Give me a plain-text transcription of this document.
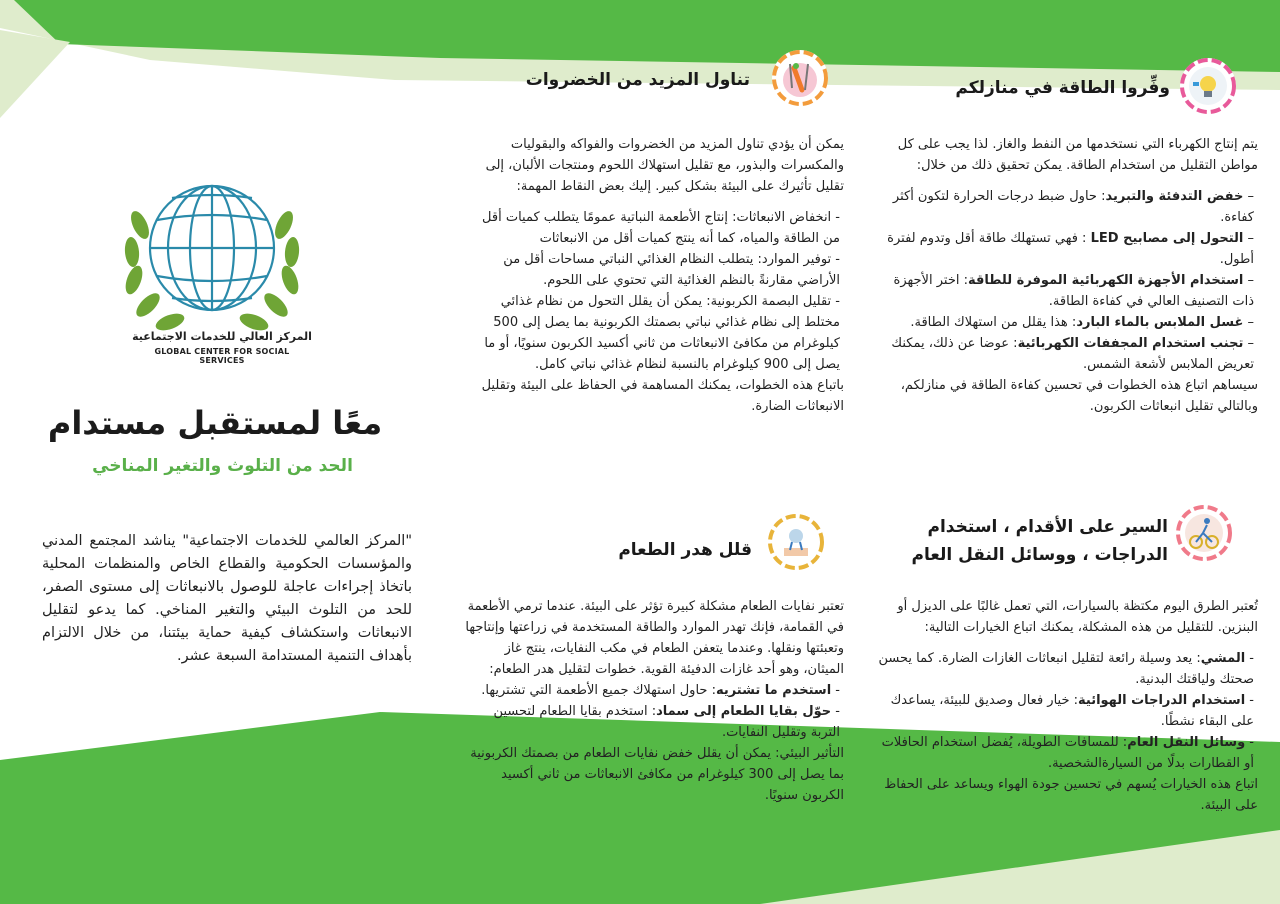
المركز العالي للخدمات الاجتماعية
GLOBAL CENTER FOR SOCIAL SERVICES
معًا لمستقبل مستدام
الحد من التلوث والتغير المناخي

"المركز العالمي للخدمات الاجتماعية" يناشد المجتمع المدني والمؤسسات الحكومية والقطاع الخاص والمنظمات المحلية باتخاذ إجراءات عاجلة للوصول بالانبعاثات إلى مستوى الصفر، للحد من التلوث البيئي والتغير المناخي. كما يدعو لتقليل الانبعاثات واستكشاف كيفية حماية بيئتنا، من خلال الالتزام بأهداف التنمية المستدامة السبعة عشر.

وفِّروا الطاقة في منازلكم
يتم إنتاج الكهرباء التي نستخدمها من النفط والغاز. لذا يجب على كل مواطن التقليل من استخدام الطاقة. يمكن تحقيق ذلك من خلال:
– خفض التدفئة والتبريد: حاول ضبط درجات الحرارة لتكون أكثر كفاءة.
– التحول إلى مصابيح LED : فهي تستهلك طاقة أقل وتدوم لفترة أطول.
– استخدام الأجهزة الكهربائية الموفرة للطاقة: اختر الأجهزة ذات التصنيف العالي في كفاءة الطاقة.
– غسل الملابس بالماء البارد: هذا يقلل من استهلاك الطاقة.
– تجنب استخدام المجففات الكهربائية: عوضا عن ذلك، يمكنك تعريض الملابس لأشعة الشمس.
سيساهم اتباع هذه الخطوات في تحسين كفاءة الطاقة في منازلكم، وبالتالي تقليل انبعاثات الكربون.
تناول المزيد من الخضروات
يمكن أن يؤدي تناول المزيد من الخضروات والفواكه والبقوليات والمكسرات والبذور، مع تقليل استهلاك اللحوم ومنتجات الألبان، إلى تقليل تأثيرك على البيئة بشكل كبير. إليك بعض النقاط المهمة:
- انخفاض الانبعاثات: إنتاج الأطعمة النباتية عمومًا يتطلب كميات أقل من الطاقة والمياه، كما أنه ينتج كميات أقل من الانبعاثات
- توفير الموارد: يتطلب النظام الغذائي النباتي مساحات أقل من الأراضي مقارنةً بالنظم الغذائية التي تحتوي على اللحوم.
- تقليل البصمة الكربونية: يمكن أن يقلل التحول من نظام غذائي مختلط إلى نظام غذائي نباتي بصمتك الكربونية بما يصل إلى 500 كيلوغرام من مكافئ الانبعاثات من ثاني أكسيد الكربون سنويًا، أو ما يصل إلى 900 كيلوغرام بالنسبة لنظام غذائي نباتي كامل.
باتباع هذه الخطوات، يمكنك المساهمة في الحفاظ على البيئة وتقليل الانبعاثات الضارة.
السير على الأقدام ، استخدام
الدراجات ، ووسائل النقل العام
تُعتبر الطرق اليوم مكتظة بالسيارات، التي تعمل غالبًا على الديزل أو البنزين. للتقليل من هذه المشكلة، يمكنك اتباع الخيارات التالية:
- المشي: يعد وسيلة رائعة لتقليل انبعاثات الغازات الضارة. كما يحسن صحتك ولياقتك البدنية.
- استخدام الدراجات الهوائية: خيار فعال وصديق للبيئة، يساعدك على البقاء نشطًا.
- وسائل النقل العام: للمسافات الطويلة، يُفضل استخدام الحافلات أو القطارات بدلًا من السيارةالشخصية.
اتباع هذه الخيارات يُسهم في تحسين جودة الهواء ويساعد على الحفاظ على البيئة.
قلل هدر الطعام
تعتبر نفايات الطعام مشكلة كبيرة تؤثر على البيئة. عندما ترمي الأطعمة في القمامة، فإنك تهدر الموارد والطاقة المستخدمة في زراعتها وإنتاجها وتعبئتها ونقلها. وعندما يتعفن الطعام في مكب النفايات، ينتج غاز الميثان، وهو أحد غازات الدفيئة القوية. خطوات لتقليل هدر الطعام:
- استخدم ما تشتريه: حاول استهلاك جميع الأطعمة التي تشتريها.
- حوّل بقايا الطعام إلى سماد: استخدم بقايا الطعام لتحسين التربة وتقليل النفايات.
التأثير البيئي: يمكن أن يقلل خفض نفايات الطعام من بصمتك الكربونية بما يصل إلى 300 كيلوغرام من مكافئ الانبعاثات من ثاني أكسيد الكربون سنويًا.
